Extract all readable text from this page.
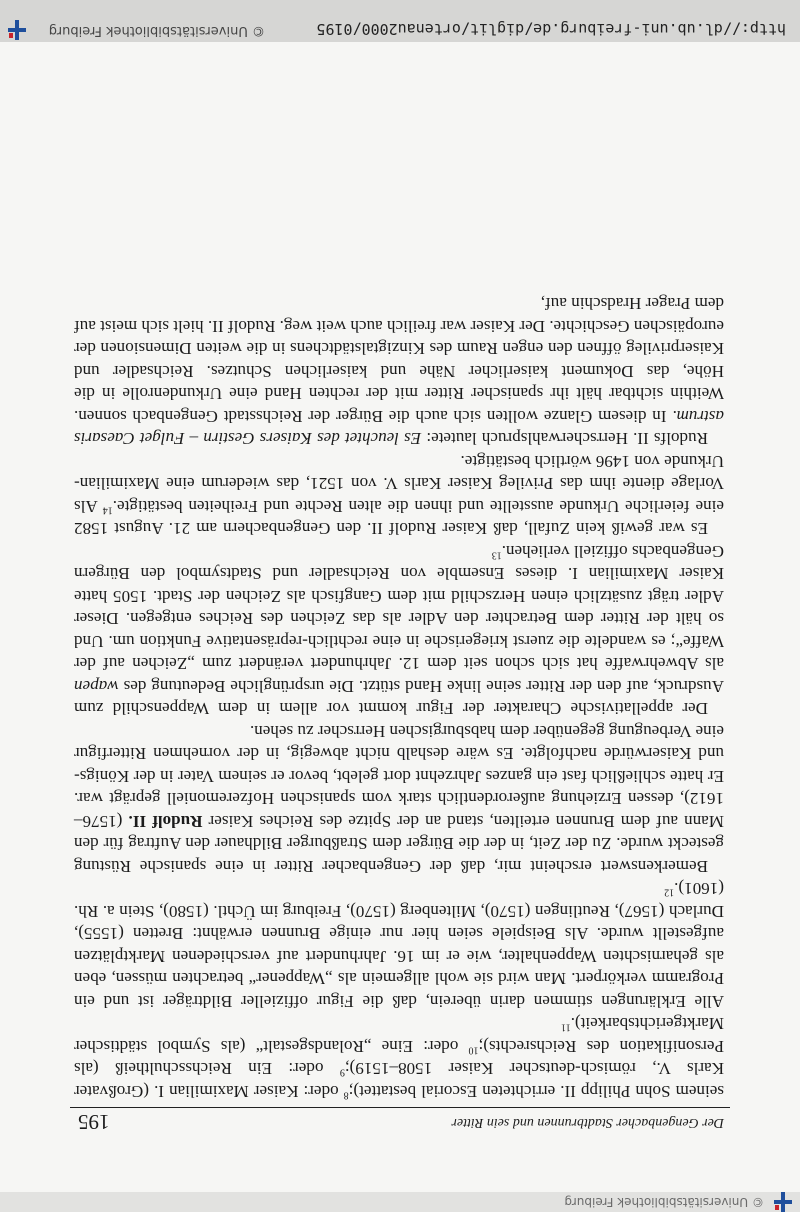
© Universitätsbibliothek Freiburg
Der Gengenbacher Stadtbrunnen und sein Ritter
195

seinem Sohn Philipp II. errichteten Escorial bestattet);$^8$ oder: Kaiser Maximilian I. (Großvater Karls V., römisch-deutscher Kaiser 1508–1519);$^9$ oder: Ein Reichsschultheiß (als Personifikation des Reichsrechts);$^{10}$ oder: Eine „Rolandsgestalt“ (als Symbol städtischer Marktgerichtsbarkeit).$^{11}$

Alle Erklärungen stimmen darin überein, daß die Figur offizieller Bildträger ist und ein Programm verkörpert. Man wird sie wohl allgemein als „Wappener“ betrachten müssen, eben als geharnischten Wappenhalter, wie er im 16. Jahrhundert auf verschiedenen Marktplätzen aufgestellt wurde. Als Beispiele seien hier nur einige Brunnen erwähnt: Bretten (1555), Durlach (1567), Reutlingen (1570), Miltenberg (1570), Freiburg im Üchtl. (1580), Stein a. Rh. (1601).$^{12}$

Bemerkenswert erscheint mir, daß der Gengenbacher Ritter in eine spanische Rüstung gesteckt wurde. Zu der Zeit, in der die Bürger dem Straßburger Bildhauer den Auftrag für den Mann auf dem Brunnen erteilten, stand an der Spitze des Reiches Kaiser Rudolf II. (1576–1612), dessen Erziehung außerordentlich stark vom spanischen Hofzeremoniell geprägt war. Er hatte schließlich fast ein ganzes Jahrzehnt dort gelebt, bevor er seinem Vater in der Königs- und Kaiserwürde nachfolgte. Es wäre deshalb nicht abwegig, in der vornehmen Ritterfigur eine Verbeugung gegenüber dem habsburgischen Herrscher zu sehen.

Der appellativische Charakter der Figur kommt vor allem in dem Wappenschild zum Ausdruck, auf den der Ritter seine linke Hand stützt. Die ursprüngliche Bedeutung des wapen als Abwehrwaffe hat sich schon seit dem 12. Jahrhundert verändert zum „Zeichen auf der Waffe“; es wandelte die zuerst kriegerische in eine rechtlich-repräsentative Funktion um. Und so hält der Ritter dem Betrachter den Adler als das Zeichen des Reiches entgegen. Dieser Adler trägt zusätzlich einen Herzschild mit dem Gangfisch als Zeichen der Stadt. 1505 hatte Kaiser Maximilian I. dieses Ensemble von Reichsadler und Stadtsymbol den Bürgern Gengenbachs offiziell verliehen.$^{13}$

Es war gewiß kein Zufall, daß Kaiser Rudolf II. den Gengenbachern am 21. August 1582 eine feierliche Urkunde ausstellte und ihnen die alten Rechte und Freiheiten bestätigte.$^{14}$ Als Vorlage diente ihm das Privileg Kaiser Karls V. von 1521, das wiederum eine Maximilian-Urkunde von 1496 wörtlich bestätigte.

Rudolfs II. Herrscherwahlspruch lautete: Es leuchtet des Kaisers Gestirn – Fulget Caesaris astrum. In diesem Glanze wollten sich auch die Bürger der Reichsstadt Gengenbach sonnen. Weithin sichtbar hält ihr spanischer Ritter mit der rechten Hand eine Urkundenrolle in die Höhe, das Dokument kaiserlicher Nähe und kaiserlichen Schutzes. Reichsadler und Kaiserprivileg öffnen den engen Raum des Kinzigtalstädtchens in die weiten Dimensionen der europäischen Geschichte. Der Kaiser war freilich auch weit weg. Rudolf II. hielt sich meist auf dem Prager Hradschin auf,

http://dl.ub.uni-freiburg.de/diglit/ortenau2000/0195
© Universitätsbibliothek Freiburg
